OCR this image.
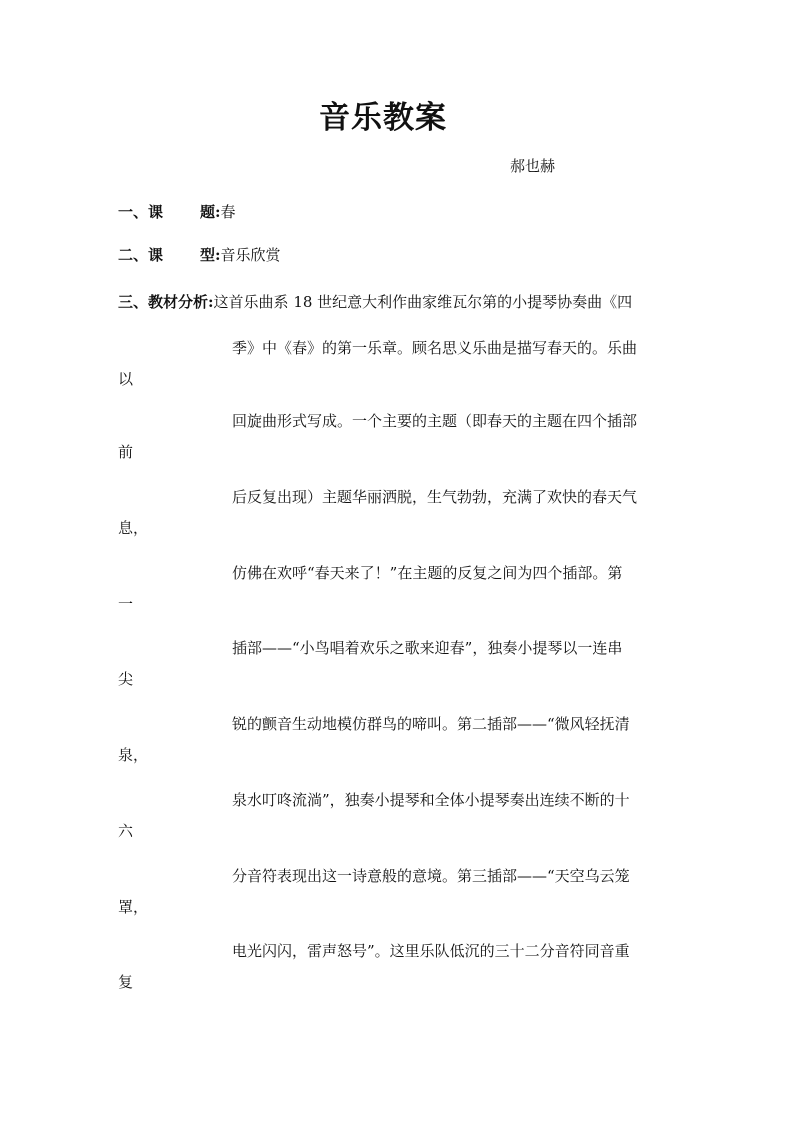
音乐教案
郝也赫
一、课 题:春
二、课 型:音乐欣赏
三、教材分析:这首乐曲系 18 世纪意大利作曲家维瓦尔第的小提琴协奏曲《四
季》中《春》的第一乐章。顾名思义乐曲是描写春天的。乐曲
以
回旋曲形式写成。一个主要的主题（即春天的主题在四个插部
前
后反复出现）主题华丽洒脱，生气勃勃，充满了欢快的春天气
息，
仿佛在欢呼“春天来了！”在主题的反复之间为四个插部。第
一
插部——“小鸟唱着欢乐之歌来迎春”，独奏小提琴以一连串
尖
锐的颤音生动地模仿群鸟的啼叫。第二插部——“微风轻抚清
泉，
泉水叮咚流淌”，独奏小提琴和全体小提琴奏出连续不断的十
六
分音符表现出这一诗意般的意境。第三插部——“天空乌云笼
罩，
电光闪闪，雷声怒号”。这里乐队低沉的三十二分音符同音重
复
